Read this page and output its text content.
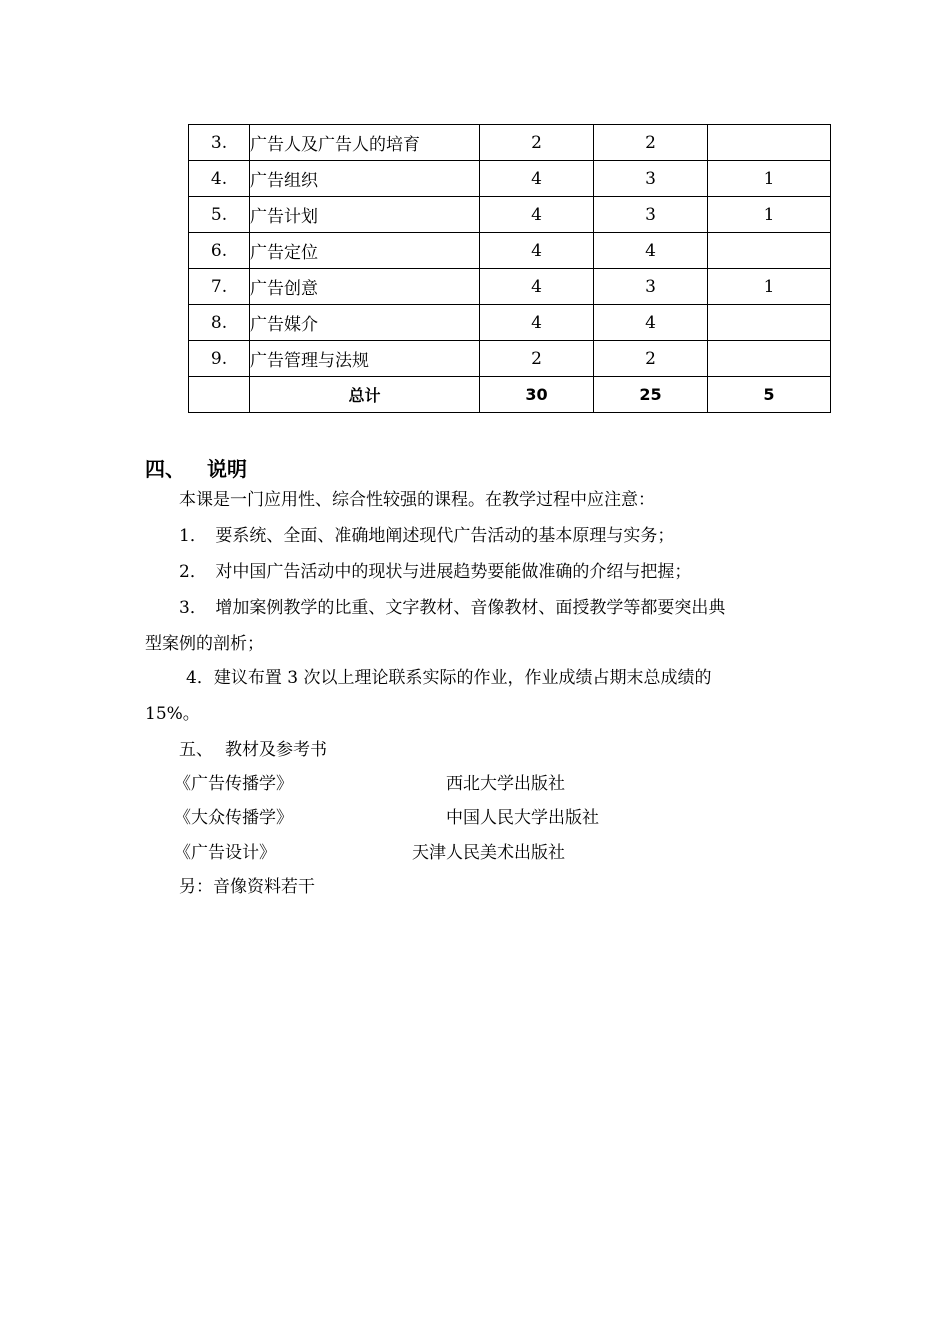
3.	广告人及广告人的培育	2	2	
4.	广告组织	4	3	1
5.	广告计划	4	3	1
6.	广告定位	4	4	
7.	广告创意	4	3	1
8.	广告媒介	4	4	
9.	广告管理与法规	2	2	
	总计	30	25	5
四、 说明
本课是一门应用性、综合性较强的课程。在教学过程中应注意：
1．　要系统、全面、准确地阐述现代广告活动的基本原理与实务；
2．　对中国广告活动中的现状与进展趋势要能做准确的介绍与把握；
3．　增加案例教学的比重、文字教材、音像教材、面授教学等都要突出典
型案例的剖析；
4．建议布置 3 次以上理论联系实际的作业，作业成绩占期末总成绩的
15%。
五、 教材及参考书
《广告传播学》	西北大学出版社
《大众传播学》	中国人民大学出版社
《广告设计》	天津人民美术出版社
另：音像资料若干
